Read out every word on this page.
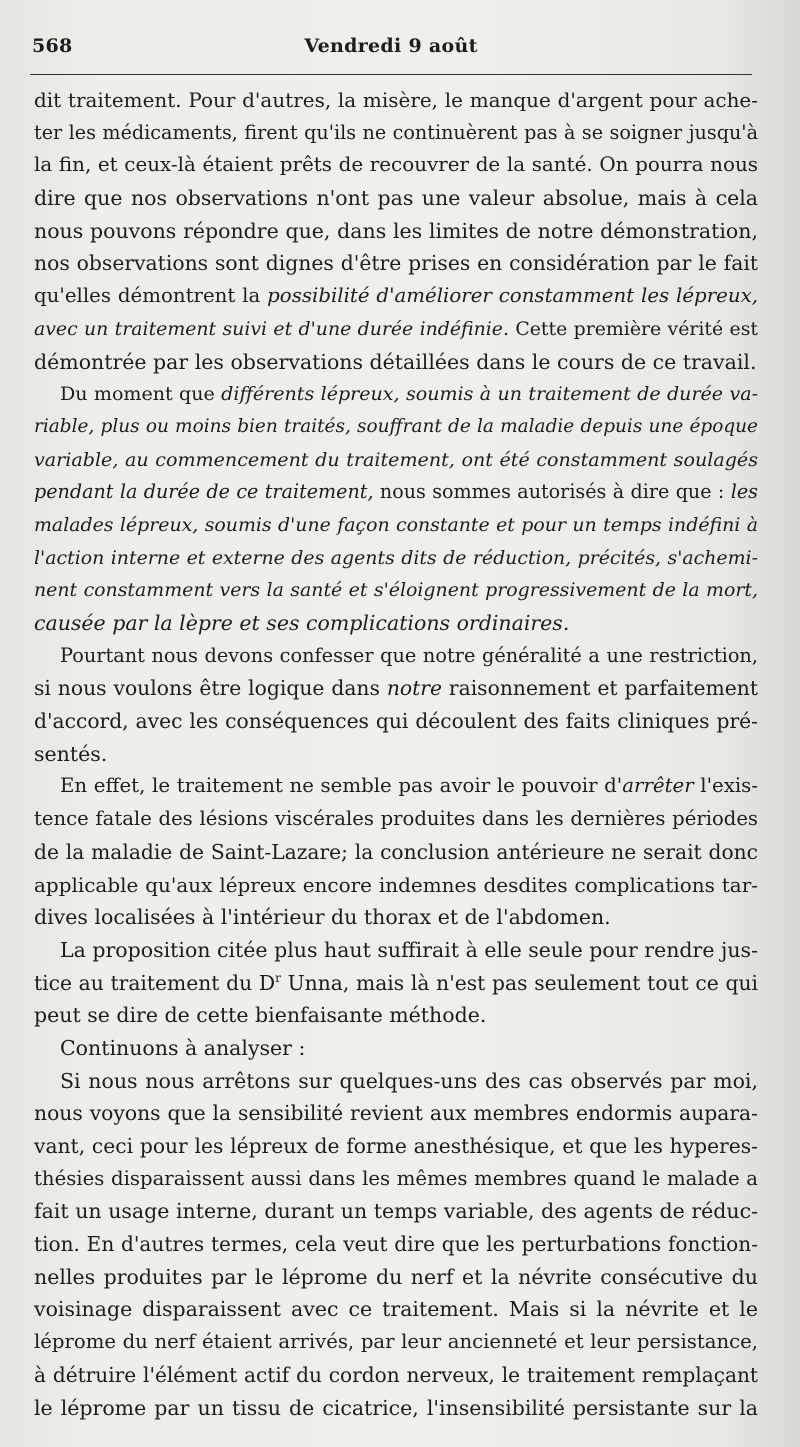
568	Vendredi 9 août
dit traitement. Pour d'autres, la misère, le manque d'argent pour ache-
ter les médicaments, firent qu'ils ne continuèrent pas à se soigner jusqu'à
la fin, et ceux-là étaient prêts de recouvrer de la santé. On pourra nous
dire que nos observations n'ont pas une valeur absolue, mais à cela
nous pouvons répondre que, dans les limites de notre démonstration,
nos observations sont dignes d'être prises en considération par le fait
qu'elles démontrent la possibilité d'améliorer constamment les lépreux,
avec un traitement suivi et d'une durée indéfinie. Cette première vérité est
démontrée par les observations détaillées dans le cours de ce travail.
Du moment que différents lépreux, soumis à un traitement de durée va-
riable, plus ou moins bien traités, souffrant de la maladie depuis une époque
variable, au commencement du traitement, ont été constamment soulagés
pendant la durée de ce traitement, nous sommes autorisés à dire que : les
malades lépreux, soumis d'une façon constante et pour un temps indéfini à
l'action interne et externe des agents dits de réduction, précités, s'achemi-
nent constamment vers la santé et s'éloignent progressivement de la mort,
causée par la lèpre et ses complications ordinaires.
Pourtant nous devons confesser que notre généralité a une restriction,
si nous voulons être logique dans notre raisonnement et parfaitement
d'accord, avec les conséquences qui découlent des faits cliniques pré-
sentés.
En effet, le traitement ne semble pas avoir le pouvoir d'arrêter l'exis-
tence fatale des lésions viscérales produites dans les dernières périodes
de la maladie de Saint-Lazare; la conclusion antérieure ne serait donc
applicable qu'aux lépreux encore indemnes desdites complications tar-
dives localisées à l'intérieur du thorax et de l'abdomen.
La proposition citée plus haut suffirait à elle seule pour rendre jus-
tice au traitement du $D^r$ Unna, mais là n'est pas seulement tout ce qui
peut se dire de cette bienfaisante méthode.
Continuons à analyser :
Si nous nous arrêtons sur quelques-uns des cas observés par moi,
nous voyons que la sensibilité revient aux membres endormis aupara-
vant, ceci pour les lépreux de forme anesthésique, et que les hyperes-
thésies disparaissent aussi dans les mêmes membres quand le malade a
fait un usage interne, durant un temps variable, des agents de réduc-
tion. En d'autres termes, cela veut dire que les perturbations fonction-
nelles produites par le léprome du nerf et la névrite consécutive du
voisinage disparaissent avec ce traitement. Mais si la névrite et le
léprome du nerf étaient arrivés, par leur ancienneté et leur persistance,
à détruire l'élément actif du cordon nerveux, le traitement remplaçant
le léprome par un tissu de cicatrice, l'insensibilité persistante sur la
